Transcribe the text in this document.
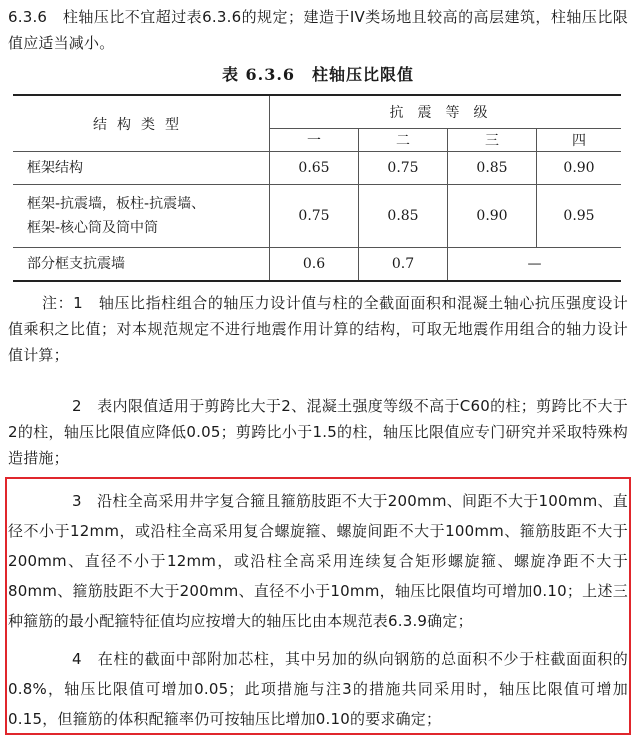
6.3.6　柱轴压比不宜超过表6.3.6的规定；建造于IV类场地且较高的高层建筑，柱轴压比限值应适当减小。

表 6.3.6　柱轴压比限值
结构类型	抗震等级			
	一	二	三	四
框架结构	0.65	0.75	0.85	0.90

框架-抗震墙，板柱-抗震墙、
框架-核心筒及筒中筒	0.75	0.85	0.90	0.95
部分框支抗震墙	0.6	0.7	—	

注：1　轴压比指柱组合的轴压力设计值与柱的全截面面积和混凝土轴心抗压强度设计值乘积之比值；对本规范规定不进行地震作用计算的结构，可取无地震作用组合的轴力设计值计算；

2　表内限值适用于剪跨比大于2、混凝土强度等级不高于C60的柱；剪跨比不大于2的柱，轴压比限值应降低0.05；剪跨比小于1.5的柱，轴压比限值应专门研究并采取特殊构造措施；

3　沿柱全高采用井字复合箍且箍筋肢距不大于200mm、间距不大于100mm、直径不小于12mm，或沿柱全高采用复合螺旋箍、螺旋间距不大于100mm、箍筋肢距不大于200mm、直径不小于12mm，或沿柱全高采用连续复合矩形螺旋箍、螺旋净距不大于80mm、箍筋肢距不大于200mm、直径不小于10mm，轴压比限值均可增加0.10；上述三种箍筋的最小配箍特征值均应按增大的轴压比由本规范表6.3.9确定；

4　在柱的截面中部附加芯柱，其中另加的纵向钢筋的总面积不少于柱截面面积的0.8%，轴压比限值可增加0.05；此项措施与注3的措施共同采用时，轴压比限值可增加0.15，但箍筋的体积配箍率仍可按轴压比增加0.10的要求确定；
